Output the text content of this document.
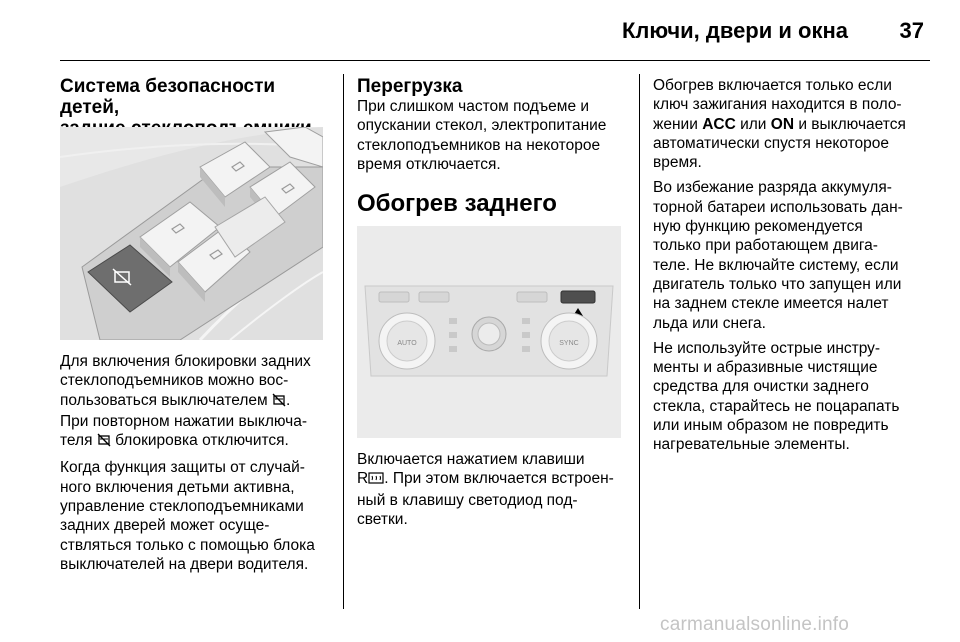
Ключи, двери и окна	37

Система безопасности детей,

Для включения блокировки задних
стеклоподъемников можно вос-
пользоваться выключателем .
При повторном нажатии выключа-
теля блокировка отключится.

Когда функция защиты от случай-
ного включения детьми активна,
управление стеклоподъемниками
задних дверей может осуще-
ствляться только с помощью блока
выключателей на двери водителя.

Перегрузка

При слишком частом подъеме и
опускании стекол, электропитание
стеклоподъемников на некоторое
время отключается.

Обогрев заднего

AUTO	SYNC

Включается нажатием клавиши
R . При этом включается встроен-
ный в клавишу светодиод под-
светки.

Обогрев включается только если
ключ зажигания находится в поло-
жении ACC или ON и выключается
автоматически спустя некоторое
время.

Во избежание разряда аккумуля-
торной батареи использовать дан-
ную функцию рекомендуется
только при работающем двига-
теле. Не включайте систему, если
двигатель только что запущен или
на заднем стекле имеется налет
льда или снега.

Не используйте острые инстру-
менты и абразивные чистящие
средства для очистки заднего
стекла, старайтесь не поцарапать
или иным образом не повредить
нагревательные элементы.

carmanualsonline.info
